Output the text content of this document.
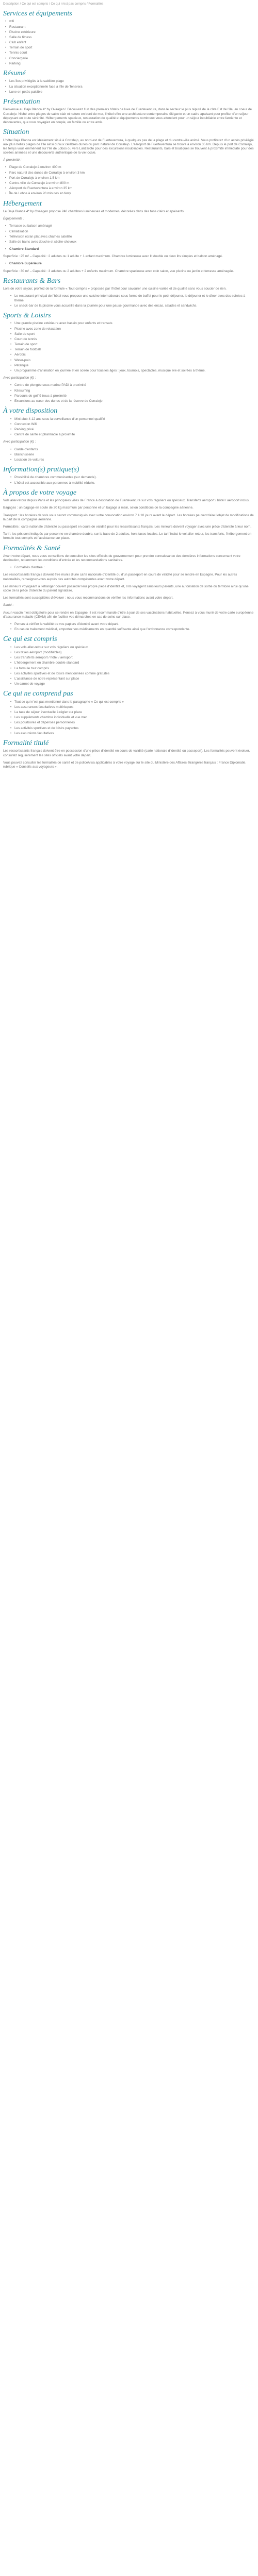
Description / Ce qui est compris / Ce qui n’est pas compris / Formalités
Services et équipements
• wifi
• Restaurant
• Piscine extérieure
• Salle de fitness
• Club enfant
• Terrain de sport
• Tennis court
• Conciergerie
• Parking
Résumé
• Les îles privilégiés à la sablière plage
• La situation exceptionnelle face à l’île de Tenerera
• Lune en pétés paisible
Présentation

Bienvenue au Baja Blanca 4* by Ovaagen ! Découvrez l’un des premiers hôtels de luxe de Fuerteventura, dans le secteur le plus réputé de la côte Est de l’île, au coeur de Corralejo. Niché entre plages de sable clair et nature en bord de mer, l’hôtel offre une architecture contemporaine élégante et un cadre apaisant pour profiter d’un séjour dépaysant en toute sérénité. Hébergements spacieux, restauration de qualité et équipements nombreux vous attendent pour un séjour inoubliable entre farniente et découvertes, que vous voyagiez en couple, en famille ou entre amis.

Situation

L’hôtel Baja Blanca est idéalement situé à Corralejo, au nord-est de Fuerteventura, à quelques pas de la plage et du centre-ville animé. Vous profiterez d’un accès privilégié aux plus belles plages de l’île ainsi qu’aux célèbres dunes du parc naturel de Corralejo. L’aéroport de Fuerteventura se trouve à environ 35 km. Depuis le port de Corralejo, les ferrys vous emmènent sur l’île de Lobos ou vers Lanzarote pour des excursions inoubliables. Restaurants, bars et boutiques se trouvent à proximité immédiate pour des soirées animées et une découverte authentique de la vie locale.

À proximité :

• Plage de Corralejo à environ 400 m
• Parc naturel des dunes de Corralejo à environ 3 km
• Port de Corralejo à environ 1,5 km
• Centre-ville de Corralejo à environ 800 m
• Aéroport de Fuerteventura à environ 35 km
• Île de Lobos à environ 20 minutes en ferry
Hébergement

Le Baja Blanca 4* by Ovaagen propose 240 chambres lumineuses et modernes, décorées dans des tons clairs et apaisants.

Équipements :

• Terrasse ou balcon aménagé
• Climatisation
• Télévision écran plat avec chaînes satellite
• Salle de bains avec douche et sèche-cheveux
• Chambre Standard

Superficie : 25 m² – Capacité : 2 adultes ou 1 adulte + 1 enfant maximum. Chambre lumineuse avec lit double ou deux lits simples et balcon aménagé.

• Chambre Supérieure

Superficie : 30 m² – Capacité : 3 adultes ou 2 adultes + 2 enfants maximum. Chambre spacieuse avec coin salon, vue piscine ou jardin et terrasse aménagée.

Restaurants & Bars

Lors de votre séjour, profitez de la formule « Tout compris » proposée par l’hôtel pour savourer une cuisine variée et de qualité sans vous soucier de rien.

• Le restaurant principal de l’hôtel vous propose une cuisine internationale sous forme de buffet pour le petit-déjeuner, le déjeuner et le dîner avec des soirées à thème.
• Le snack-bar de la piscine vous accueille dans la journée pour une pause gourmande avec des encas, salades et sandwichs.
Sports & Loisirs
• Une grande piscine extérieure avec bassin pour enfants et transats
• Piscine avec zone de relaxation
• Salle de sport
• Court de tennis
• Terrain de sport
• Terrain de football
• Aérobic
• Water-polo
• Pétanque
• Un programme d’animation en journée et en soirée pour tous les âges : jeux, tournois, spectacles, musique live et soirées à thème.

Avec participation (€) :

• Centre de plongée sous-marine PADI à proximité
• Kitesurfing
• Parcours de golf 9 trous à proximité
• Excursions au cœur des dunes et de la réserve de Corralejo
À votre disposition
• Mini-club 4-12 ans sous la surveillance d’un personnel qualifié
• Connexion Wifi
• Parking privé
• Centre de santé et pharmacie à proximité

Avec participation (€) :

• Garde d’enfants
• Blanchisserie
• Location de voitures
Information(s) pratique(s)
• Possibilité de chambres communicantes (sur demande).
• L’hôtel est accessible aux personnes à mobilité réduite.
À propos de votre voyage

Vols aller-retour depuis Paris et les principales villes de France à destination de Fuerteventura sur vols réguliers ou spéciaux. Transferts aéroport / hôtel / aéroport inclus.

Bagages : un bagage en soute de 20 kg maximum par personne et un bagage à main, selon conditions de la compagnie aérienne.

Transport : les horaires de vols vous seront communiqués avec votre convocation environ 7 à 10 jours avant le départ. Les horaires peuvent faire l’objet de modifications de la part de la compagnie aérienne.

Formalités : carte nationale d’identité ou passeport en cours de validité pour les ressortissants français. Les mineurs doivent voyager avec une pièce d’identité à leur nom.

Tarif : les prix sont indiqués par personne en chambre double, sur la base de 2 adultes, hors taxes locales. Le tarif inclut le vol aller-retour, les transferts, l’hébergement en formule tout compris et l’assistance sur place.

Formalités & Santé

Avant votre départ, nous vous conseillons de consulter les sites officiels du gouvernement pour prendre connaissance des dernières informations concernant votre destination, notamment les conditions d’entrée et les recommandations sanitaires.

• Formalités d’entrée :

Les ressortissants français doivent être munis d’une carte nationale d’identité ou d’un passeport en cours de validité pour se rendre en Espagne. Pour les autres nationalités, renseignez-vous auprès des autorités compétentes avant votre départ.

Les mineurs voyageant à l’étranger doivent posséder leur propre pièce d’identité et, s’ils voyagent sans leurs parents, une autorisation de sortie du territoire ainsi qu’une copie de la pièce d’identité du parent signataire.

Les formalités sont susceptibles d’évoluer ; nous vous recommandons de vérifier les informations avant votre départ.

Santé :

Aucun vaccin n’est obligatoire pour se rendre en Espagne. Il est recommandé d’être à jour de ses vaccinations habituelles. Pensez à vous munir de votre carte européenne d’assurance maladie (CEAM) afin de faciliter vos démarches en cas de soins sur place.

• Pensez à vérifier la validité de vos papiers d’identité avant votre départ.
• En cas de traitement médical, emportez vos médicaments en quantité suffisante ainsi que l’ordonnance correspondante.
Ce qui est compris
• Les vols aller-retour sur vols réguliers ou spéciaux
• Les taxes aéroport (modifiables)
• Les transferts aéroport / hôtel / aéroport
• L’hébergement en chambre double standard
• La formule tout compris
• Les activités sportives et de loisirs mentionnées comme gratuites
• L’assistance de notre représentant sur place
• Un carnet de voyage
Ce qui ne comprend pas
• Tout ce qui n’est pas mentionné dans le paragraphe « Ce qui est compris »
• Les assurances facultatives multirisques
• La taxe de séjour éventuelle à régler sur place
• Les suppléments chambre individuelle et vue mer
• Les pourboires et dépenses personnelles
• Les activités sportives et de loisirs payantes
• Les excursions facultatives
Formalité titulé

Les ressortissants français doivent être en possession d’une pièce d’identité en cours de validité (carte nationale d’identité ou passeport). Les formalités peuvent évoluer, consultez régulièrement les sites officiels avant votre départ.

Vous pouvez consulter les formalités de santé et de police/visa applicables à votre voyage sur le site du Ministère des Affaires étrangères français : France Diplomatie, rubrique « Conseils aux voyageurs ».
